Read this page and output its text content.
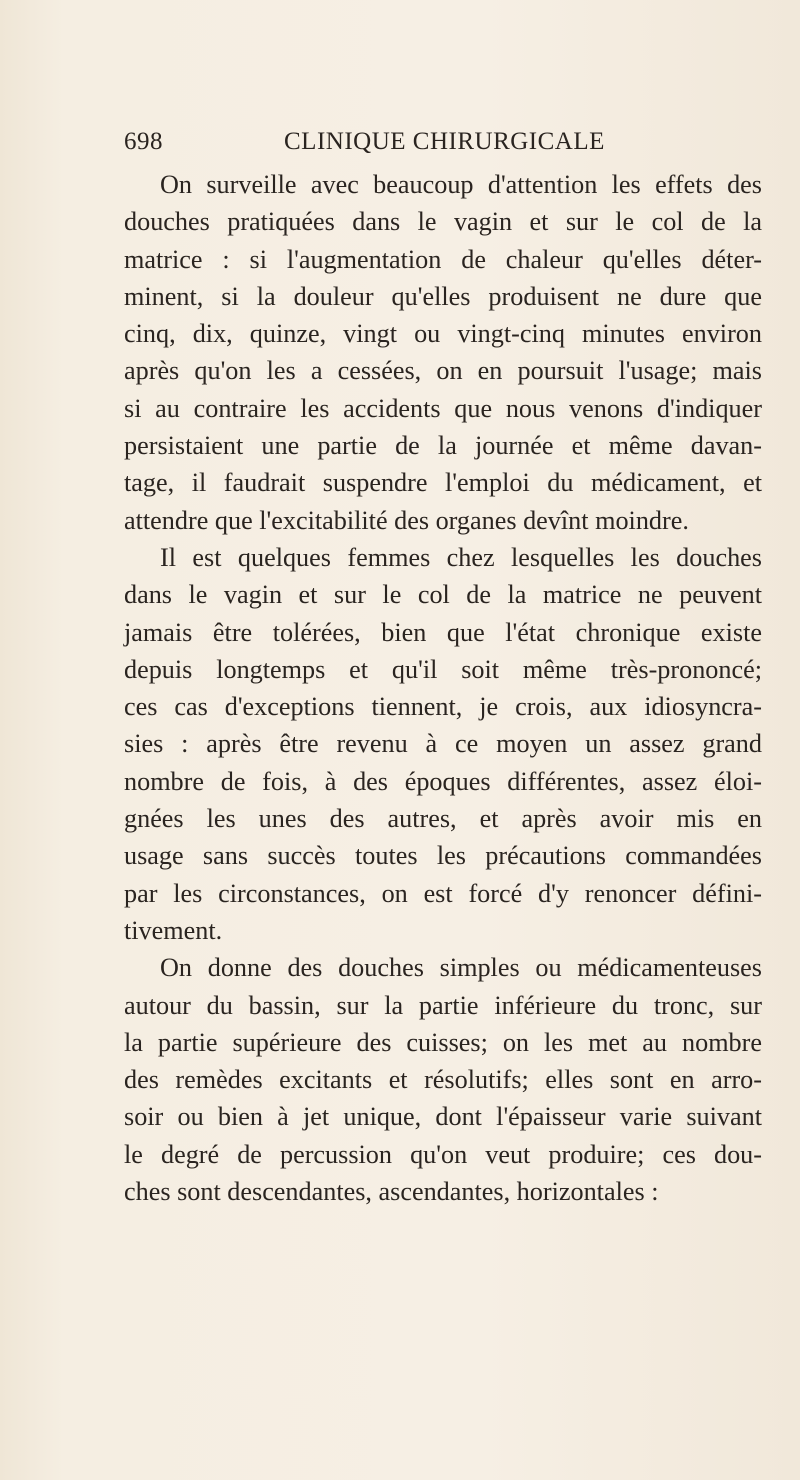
698	CLINIQUE CHIRURGICALE
On surveille avec beaucoup d'attention les effets des
douches pratiquées dans le vagin et sur le col de la
matrice : si l'augmentation de chaleur qu'elles déter-
minent, si la douleur qu'elles produisent ne dure que
cinq, dix, quinze, vingt ou vingt-cinq minutes environ
après qu'on les a cessées, on en poursuit l'usage; mais
si au contraire les accidents que nous venons d'indiquer
persistaient une partie de la journée et même davan-
tage, il faudrait suspendre l'emploi du médicament, et
attendre que l'excitabilité des organes devînt moindre.
Il est quelques femmes chez lesquelles les douches
dans le vagin et sur le col de la matrice ne peuvent
jamais être tolérées, bien que l'état chronique existe
depuis longtemps et qu'il soit même très-prononcé;
ces cas d'exceptions tiennent, je crois, aux idiosyncra-
sies : après être revenu à ce moyen un assez grand
nombre de fois, à des époques différentes, assez éloi-
gnées les unes des autres, et après avoir mis en
usage sans succès toutes les précautions commandées
par les circonstances, on est forcé d'y renoncer défini-
tivement.
On donne des douches simples ou médicamenteuses
autour du bassin, sur la partie inférieure du tronc, sur
la partie supérieure des cuisses; on les met au nombre
des remèdes excitants et résolutifs; elles sont en arro-
soir ou bien à jet unique, dont l'épaisseur varie suivant
le degré de percussion qu'on veut produire; ces dou-
ches sont descendantes, ascendantes, horizontales :
